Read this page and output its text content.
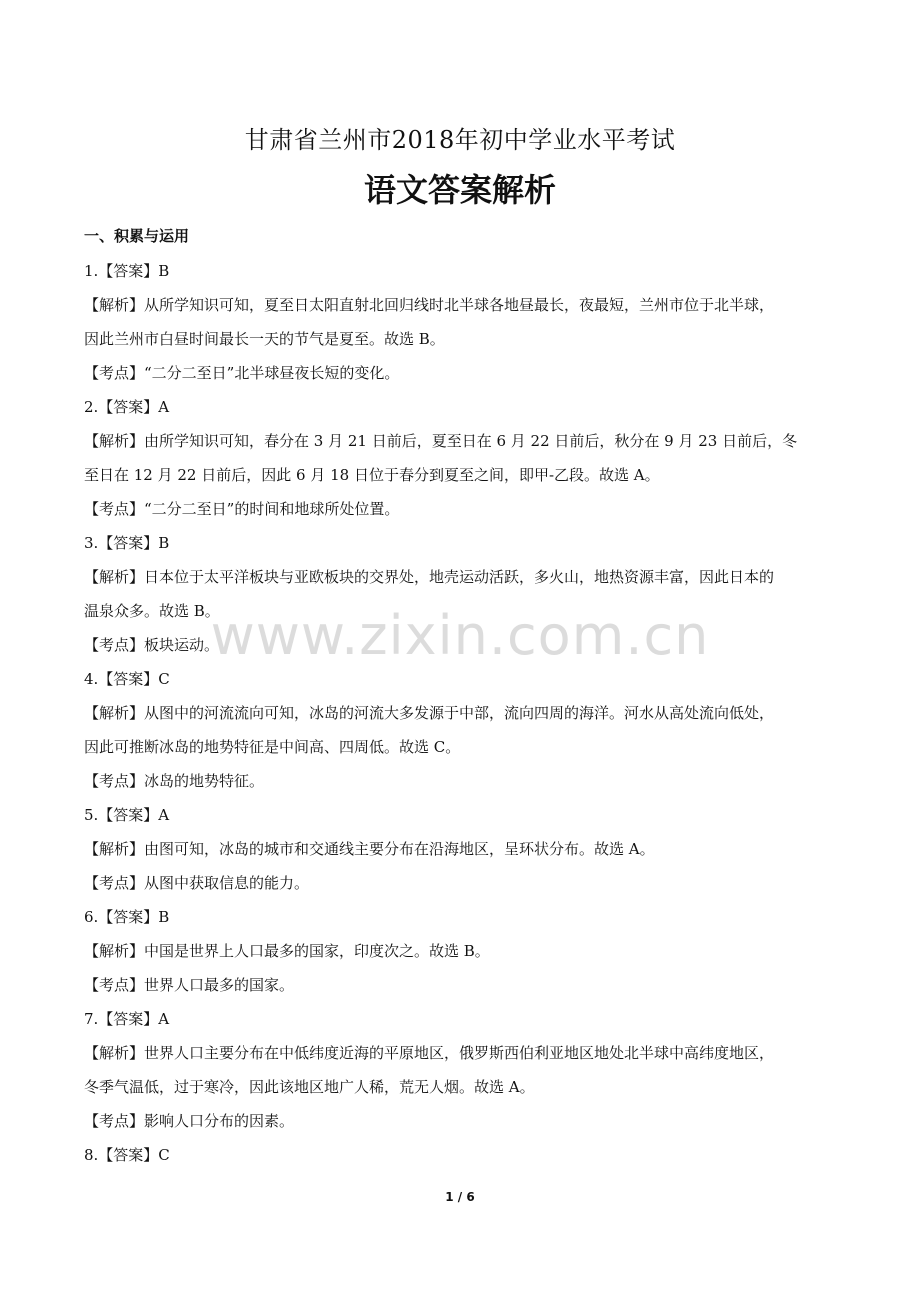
甘肃省兰州市2018年初中学业水平考试
语文答案解析
一、积累与运用
1.【答案】B
【解析】从所学知识可知，夏至日太阳直射北回归线时北半球各地昼最长，夜最短，兰州市位于北半球，
因此兰州市白昼时间最长一天的节气是夏至。故选 B。
【考点】“二分二至日”北半球昼夜长短的变化。
2.【答案】A
【解析】由所学知识可知，春分在 3 月 21 日前后，夏至日在 6 月 22 日前后，秋分在 9 月 23 日前后，冬
至日在 12 月 22 日前后，因此 6 月 18 日位于春分到夏至之间，即甲-乙段。故选 A。
【考点】“二分二至日”的时间和地球所处位置。
3.【答案】B
【解析】日本位于太平洋板块与亚欧板块的交界处，地壳运动活跃，多火山，地热资源丰富，因此日本的
温泉众多。故选 B。
【考点】板块运动。
4.【答案】C
【解析】从图中的河流流向可知，冰岛的河流大多发源于中部，流向四周的海洋。河水从高处流向低处，
因此可推断冰岛的地势特征是中间高、四周低。故选 C。
【考点】冰岛的地势特征。
5.【答案】A
【解析】由图可知，冰岛的城市和交通线主要分布在沿海地区，呈环状分布。故选 A。
【考点】从图中获取信息的能力。
6.【答案】B
【解析】中国是世界上人口最多的国家，印度次之。故选 B。
【考点】世界人口最多的国家。
7.【答案】A
【解析】世界人口主要分布在中低纬度近海的平原地区，俄罗斯西伯利亚地区地处北半球中高纬度地区，
冬季气温低，过于寒冷，因此该地区地广人稀，荒无人烟。故选 A。
【考点】影响人口分布的因素。
8.【答案】C
www.zixin.com.cn
1 / 6
